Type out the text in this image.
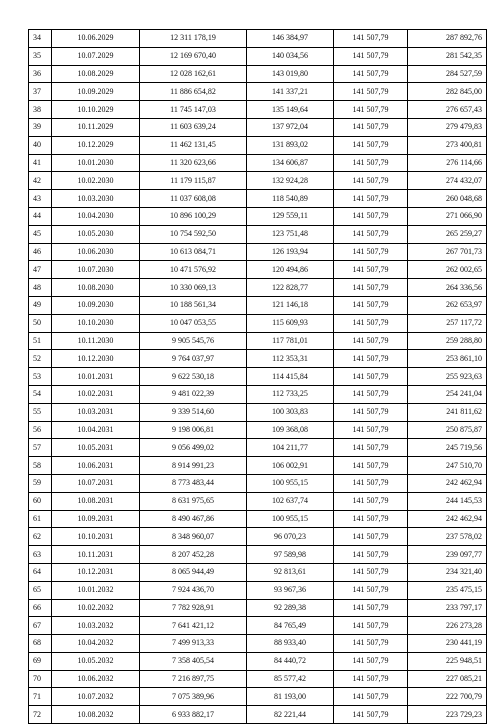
34	10.06.2029	12 311 178,19	146 384,97	141 507,79	287 892,76
35	10.07.2029	12 169 670,40	140 034,56	141 507,79	281 542,35
36	10.08.2029	12 028 162,61	143 019,80	141 507,79	284 527,59
37	10.09.2029	11 886 654,82	141 337,21	141 507,79	282 845,00
38	10.10.2029	11 745 147,03	135 149,64	141 507,79	276 657,43
39	10.11.2029	11 603 639,24	137 972,04	141 507,79	279 479,83
40	10.12.2029	11 462 131,45	131 893,02	141 507,79	273 400,81
41	10.01.2030	11 320 623,66	134 606,87	141 507,79	276 114,66
42	10.02.2030	11 179 115,87	132 924,28	141 507,79	274 432,07
43	10.03.2030	11 037 608,08	118 540,89	141 507,79	260 048,68
44	10.04.2030	10 896 100,29	129 559,11	141 507,79	271 066,90
45	10.05.2030	10 754 592,50	123 751,48	141 507,79	265 259,27
46	10.06.2030	10 613 084,71	126 193,94	141 507,79	267 701,73
47	10.07.2030	10 471 576,92	120 494,86	141 507,79	262 002,65
48	10.08.2030	10 330 069,13	122 828,77	141 507,79	264 336,56
49	10.09.2030	10 188 561,34	121 146,18	141 507,79	262 653,97
50	10.10.2030	10 047 053,55	115 609,93	141 507,79	257 117,72
51	10.11.2030	9 905 545,76	117 781,01	141 507,79	259 288,80
52	10.12.2030	9 764 037,97	112 353,31	141 507,79	253 861,10
53	10.01.2031	9 622 530,18	114 415,84	141 507,79	255 923,63
54	10.02.2031	9 481 022,39	112 733,25	141 507,79	254 241,04
55	10.03.2031	9 339 514,60	100 303,83	141 507,79	241 811,62
56	10.04.2031	9 198 006,81	109 368,08	141 507,79	250 875,87
57	10.05.2031	9 056 499,02	104 211,77	141 507,79	245 719,56
58	10.06.2031	8 914 991,23	106 002,91	141 507,79	247 510,70
59	10.07.2031	8 773 483,44	100 955,15	141 507,79	242 462,94
60	10.08.2031	8 631 975,65	102 637,74	141 507,79	244 145,53
61	10.09.2031	8 490 467,86	100 955,15	141 507,79	242 462,94
62	10.10.2031	8 348 960,07	96 070,23	141 507,79	237 578,02
63	10.11.2031	8 207 452,28	97 589,98	141 507,79	239 097,77
64	10.12.2031	8 065 944,49	92 813,61	141 507,79	234 321,40
65	10.01.2032	7 924 436,70	93 967,36	141 507,79	235 475,15
66	10.02.2032	7 782 928,91	92 289,38	141 507,79	233 797,17
67	10.03.2032	7 641 421,12	84 765,49	141 507,79	226 273,28
68	10.04.2032	7 499 913,33	88 933,40	141 507,79	230 441,19
69	10.05.2032	7 358 405,54	84 440,72	141 507,79	225 948,51
70	10.06.2032	7 216 897,75	85 577,42	141 507,79	227 085,21
71	10.07.2032	7 075 389,96	81 193,00	141 507,79	222 700,79
72	10.08.2032	6 933 882,17	82 221,44	141 507,79	223 729,23
